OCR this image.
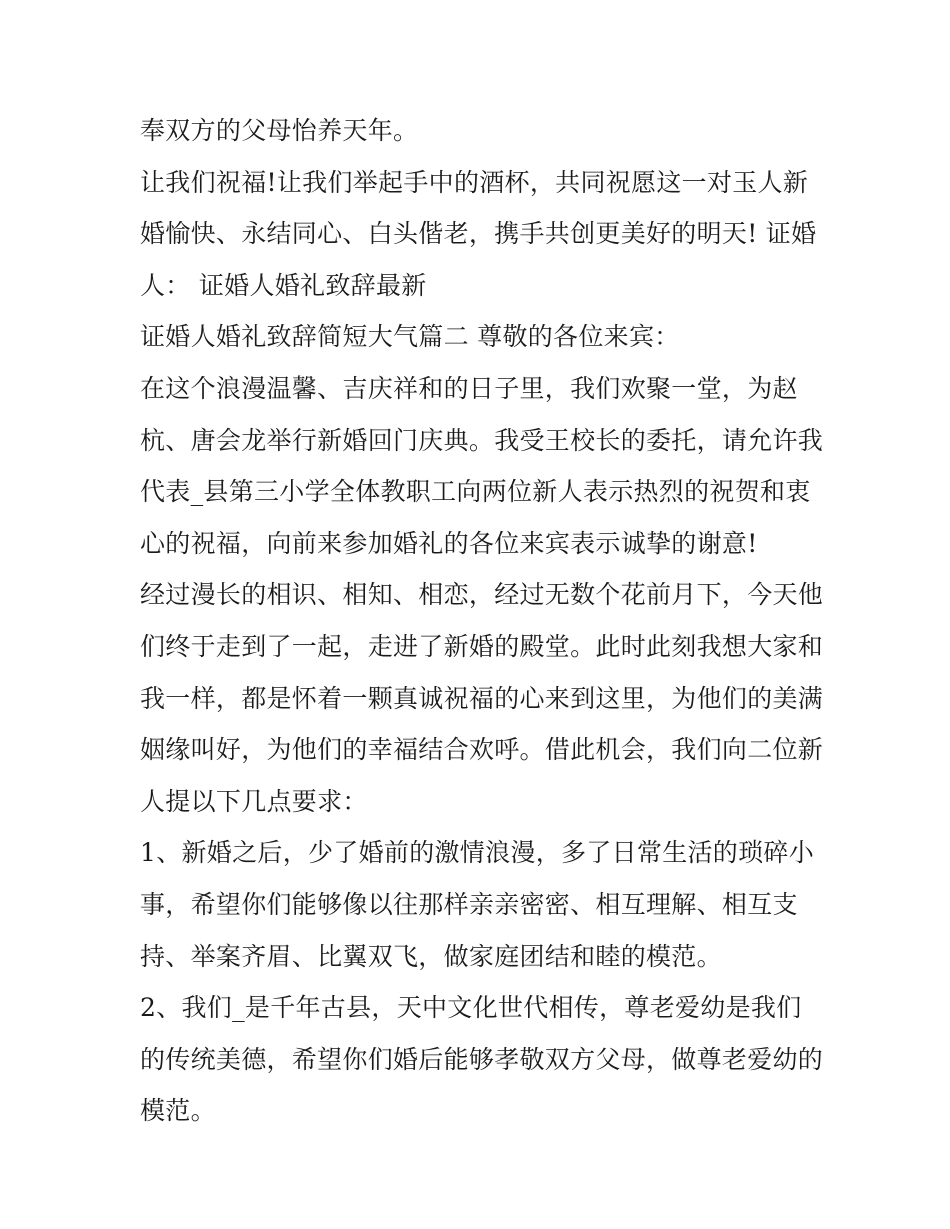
奉双方的父母怡养天年。
让我们祝福!让我们举起手中的酒杯，共同祝愿这一对玉人新
婚愉快、永结同心、白头偕老，携手共创更美好的明天! 证婚
人： 证婚人婚礼致辞最新
证婚人婚礼致辞简短大气篇二 尊敬的各位来宾：
在这个浪漫温馨、吉庆祥和的日子里，我们欢聚一堂，为赵
杭、唐会龙举行新婚回门庆典。我受王校长的委托，请允许我
代表_县第三小学全体教职工向两位新人表示热烈的祝贺和衷
心的祝福，向前来参加婚礼的各位来宾表示诚挚的谢意!
经过漫长的相识、相知、相恋，经过无数个花前月下，今天他
们终于走到了一起，走进了新婚的殿堂。此时此刻我想大家和
我一样，都是怀着一颗真诚祝福的心来到这里，为他们的美满
姻缘叫好，为他们的幸福结合欢呼。借此机会，我们向二位新
人提以下几点要求：
1、新婚之后，少了婚前的激情浪漫，多了日常生活的琐碎小
事，希望你们能够像以往那样亲亲密密、相互理解、相互支
持、举案齐眉、比翼双飞，做家庭团结和睦的模范。
2、我们_是千年古县，天中文化世代相传，尊老爱幼是我们
的传统美德，希望你们婚后能够孝敬双方父母，做尊老爱幼的
模范。
